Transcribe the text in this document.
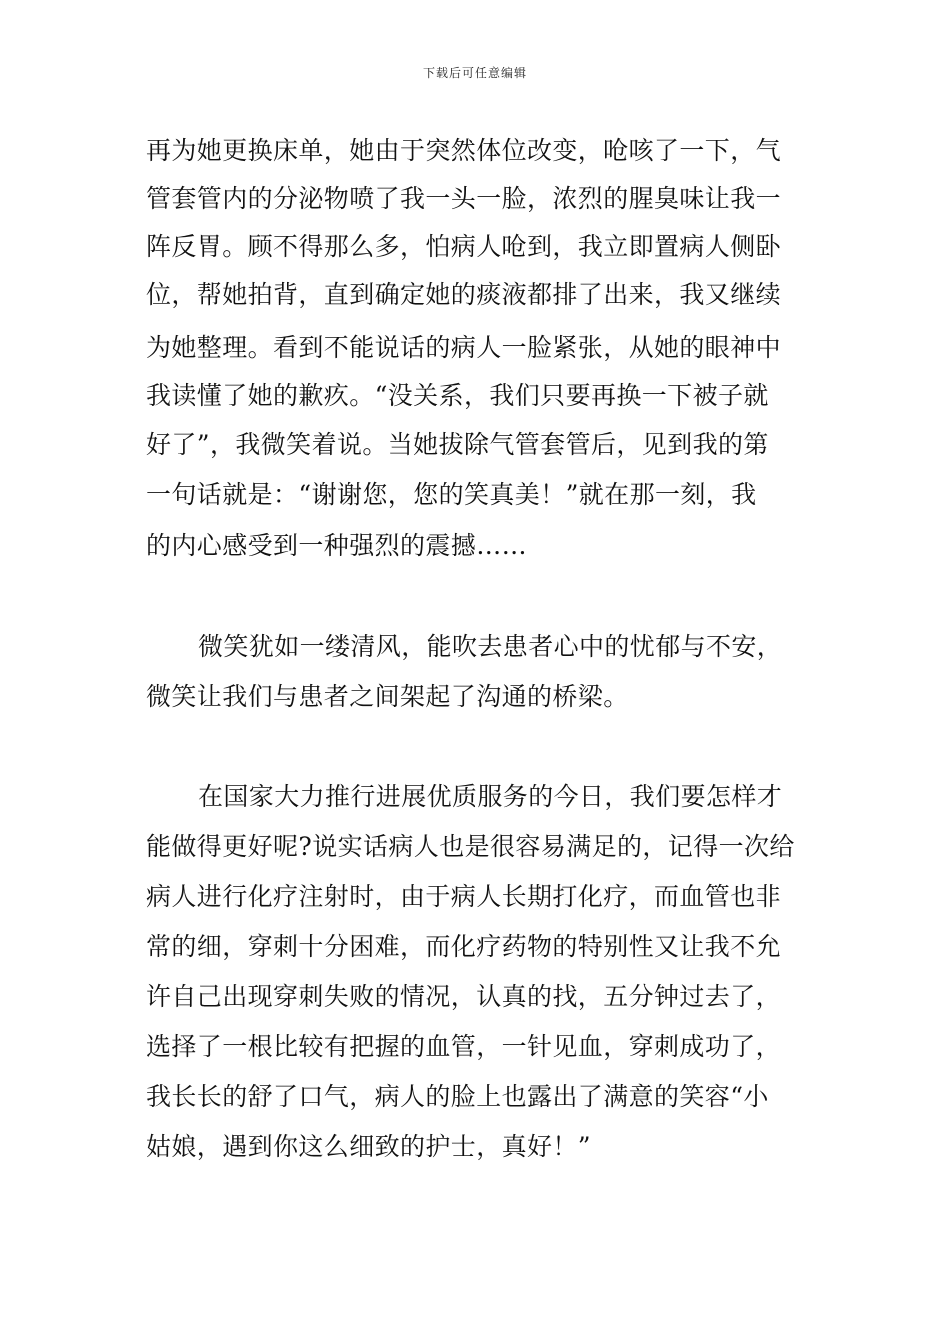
下载后可任意编辑
再为她更换床单，她由于突然体位改变，呛咳了一下，气
管套管内的分泌物喷了我一头一脸，浓烈的腥臭味让我一
阵反胃。顾不得那么多，怕病人呛到，我立即置病人侧卧
位，帮她拍背，直到确定她的痰液都排了出来，我又继续
为她整理。看到不能说话的病人一脸紧张，从她的眼神中
我读懂了她的歉疚。“没关系，我们只要再换一下被子就
好了”，我微笑着说。当她拔除气管套管后，见到我的第
一句话就是：“谢谢您，您的笑真美！”就在那一刻，我
的内心感受到一种强烈的震撼……
微笑犹如一缕清风，能吹去患者心中的忧郁与不安，
微笑让我们与患者之间架起了沟通的桥梁。
在国家大力推行进展优质服务的今日，我们要怎样才
能做得更好呢?说实话病人也是很容易满足的，记得一次给
病人进行化疗注射时，由于病人长期打化疗，而血管也非
常的细，穿刺十分困难，而化疗药物的特别性又让我不允
许自己出现穿刺失败的情况，认真的找，五分钟过去了，
选择了一根比较有把握的血管，一针见血，穿刺成功了，
我长长的舒了口气，病人的脸上也露出了满意的笑容“小
姑娘，遇到你这么细致的护士，真好！”
